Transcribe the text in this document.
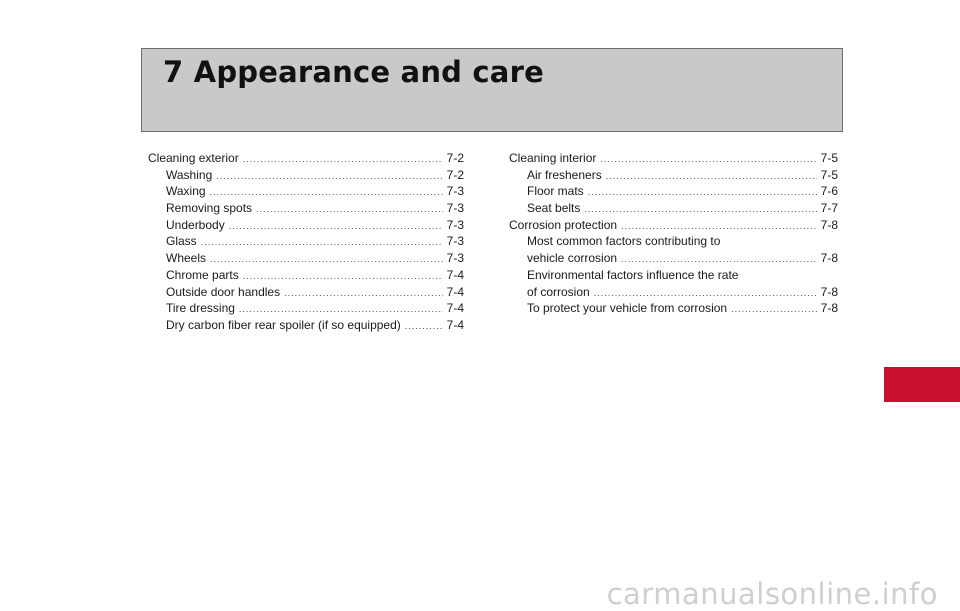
7 Appearance and care
Cleaning exterior .....	7-2
Washing .....	7-2
Waxing .....	7-3
Removing spots .....	7-3
Underbody .....	7-3
Glass .....	7-3
Wheels .....	7-3
Chrome parts .....	7-4
Outside door handles .....	7-4
Tire dressing .....	7-4
Dry carbon fiber rear spoiler (if so equipped) .....	7-4
Cleaning interior .....	7-5
Air fresheners .....	7-5
Floor mats .....	7-6
Seat belts .....	7-7
Corrosion protection .....	7-8
Most common factors contributing to
vehicle corrosion .....	7-8
Environmental factors influence the rate
of corrosion .....	7-8
To protect your vehicle from corrosion .....	7-8
carmanualsonline.info
